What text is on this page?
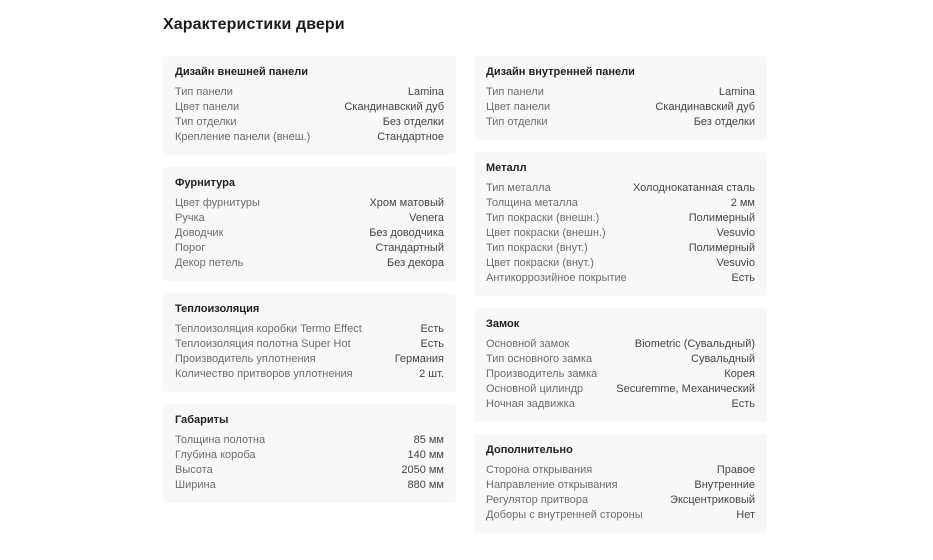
Характеристики двери
Дизайн внешней панели
Тип панели	Lamina
Цвет панели	Скандинавский дуб
Тип отделки	Без отделки
Крепление панели (внеш.)	Стандартное
Фурнитура
Цвет фурнитуры	Хром матовый
Ручка	Venera
Доводчик	Без доводчика
Порог	Стандартный
Декор петель	Без декора
Теплоизоляция
Теплоизоляция коробки Termo Effect	Есть
Теплоизоляция полотна Super Hot	Есть
Производитель уплотнения	Германия
Количество притворов уплотнения	2 шт.
Габариты
Толщина полотна	85 мм
Глубина короба	140 мм
Высота	2050 мм
Ширина	880 мм
Дизайн внутренней панели
Тип панели	Lamina
Цвет панели	Скандинавский дуб
Тип отделки	Без отделки
Металл
Тип металла	Холоднокатанная сталь
Толщина металла	2 мм
Тип покраски (внешн.)	Полимерный
Цвет покраски (внешн.)	Vesuvio
Тип покраски (внут.)	Полимерный
Цвет покраски (внут.)	Vesuvio
Антикоррозийное покрытие	Есть
Замок
Основной замок	Biometric (Сувальдный)
Тип основного замка	Сувальдный
Производитель замка	Корея
Основной цилиндр	Securemme, Механический
Ночная задвижка	Есть
Дополнительно
Сторона открывания	Правое
Направление открывания	Внутренние
Регулятор притвора	Эксцентриковый
Доборы с внутренней стороны	Нет
